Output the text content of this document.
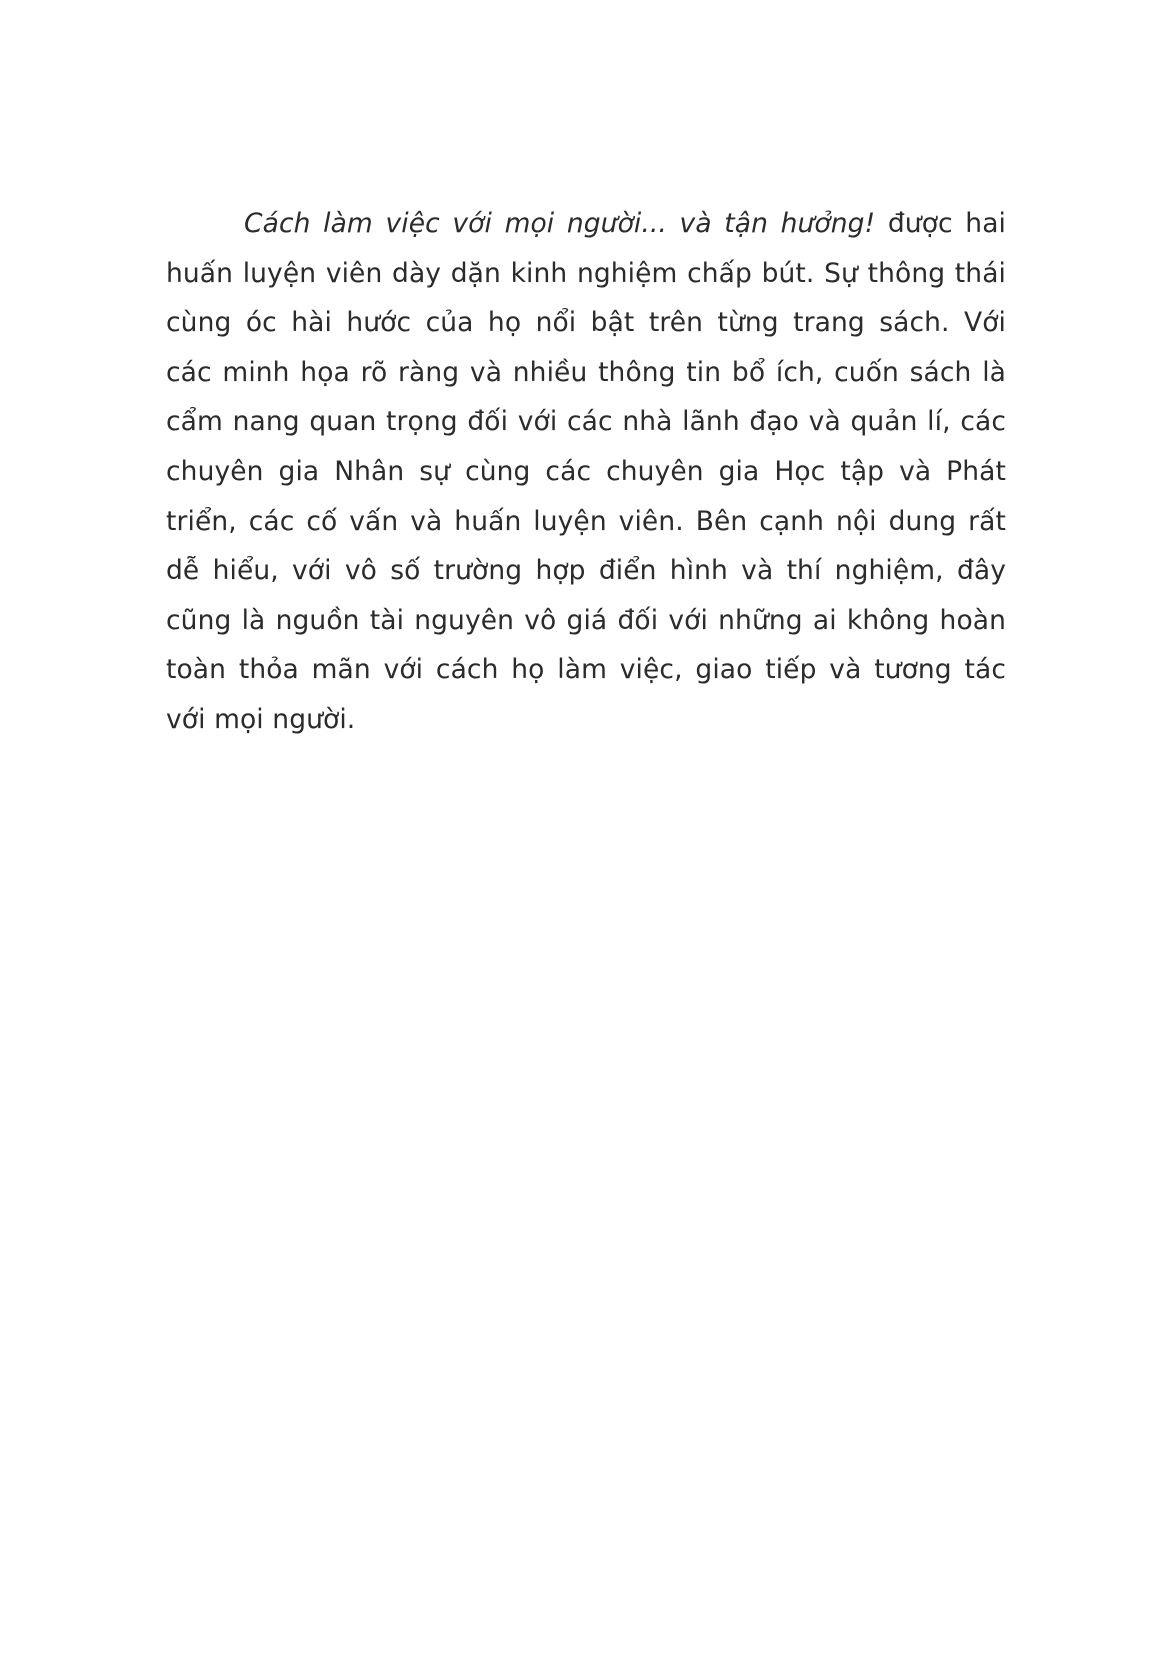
Cách làm việc với mọi người... và tận hưởng! được hai
huấn luyện viên dày dặn kinh nghiệm chấp bút. Sự thông thái
cùng óc hài hước của họ nổi bật trên từng trang sách. Với
các minh họa rõ ràng và nhiều thông tin bổ ích, cuốn sách là
cẩm nang quan trọng đối với các nhà lãnh đạo và quản lí, các
chuyên gia Nhân sự cùng các chuyên gia Học tập và Phát
triển, các cố vấn và huấn luyện viên. Bên cạnh nội dung rất
dễ hiểu, với vô số trường hợp điển hình và thí nghiệm, đây
cũng là nguồn tài nguyên vô giá đối với những ai không hoàn
toàn thỏa mãn với cách họ làm việc, giao tiếp và tương tác
với mọi người.
